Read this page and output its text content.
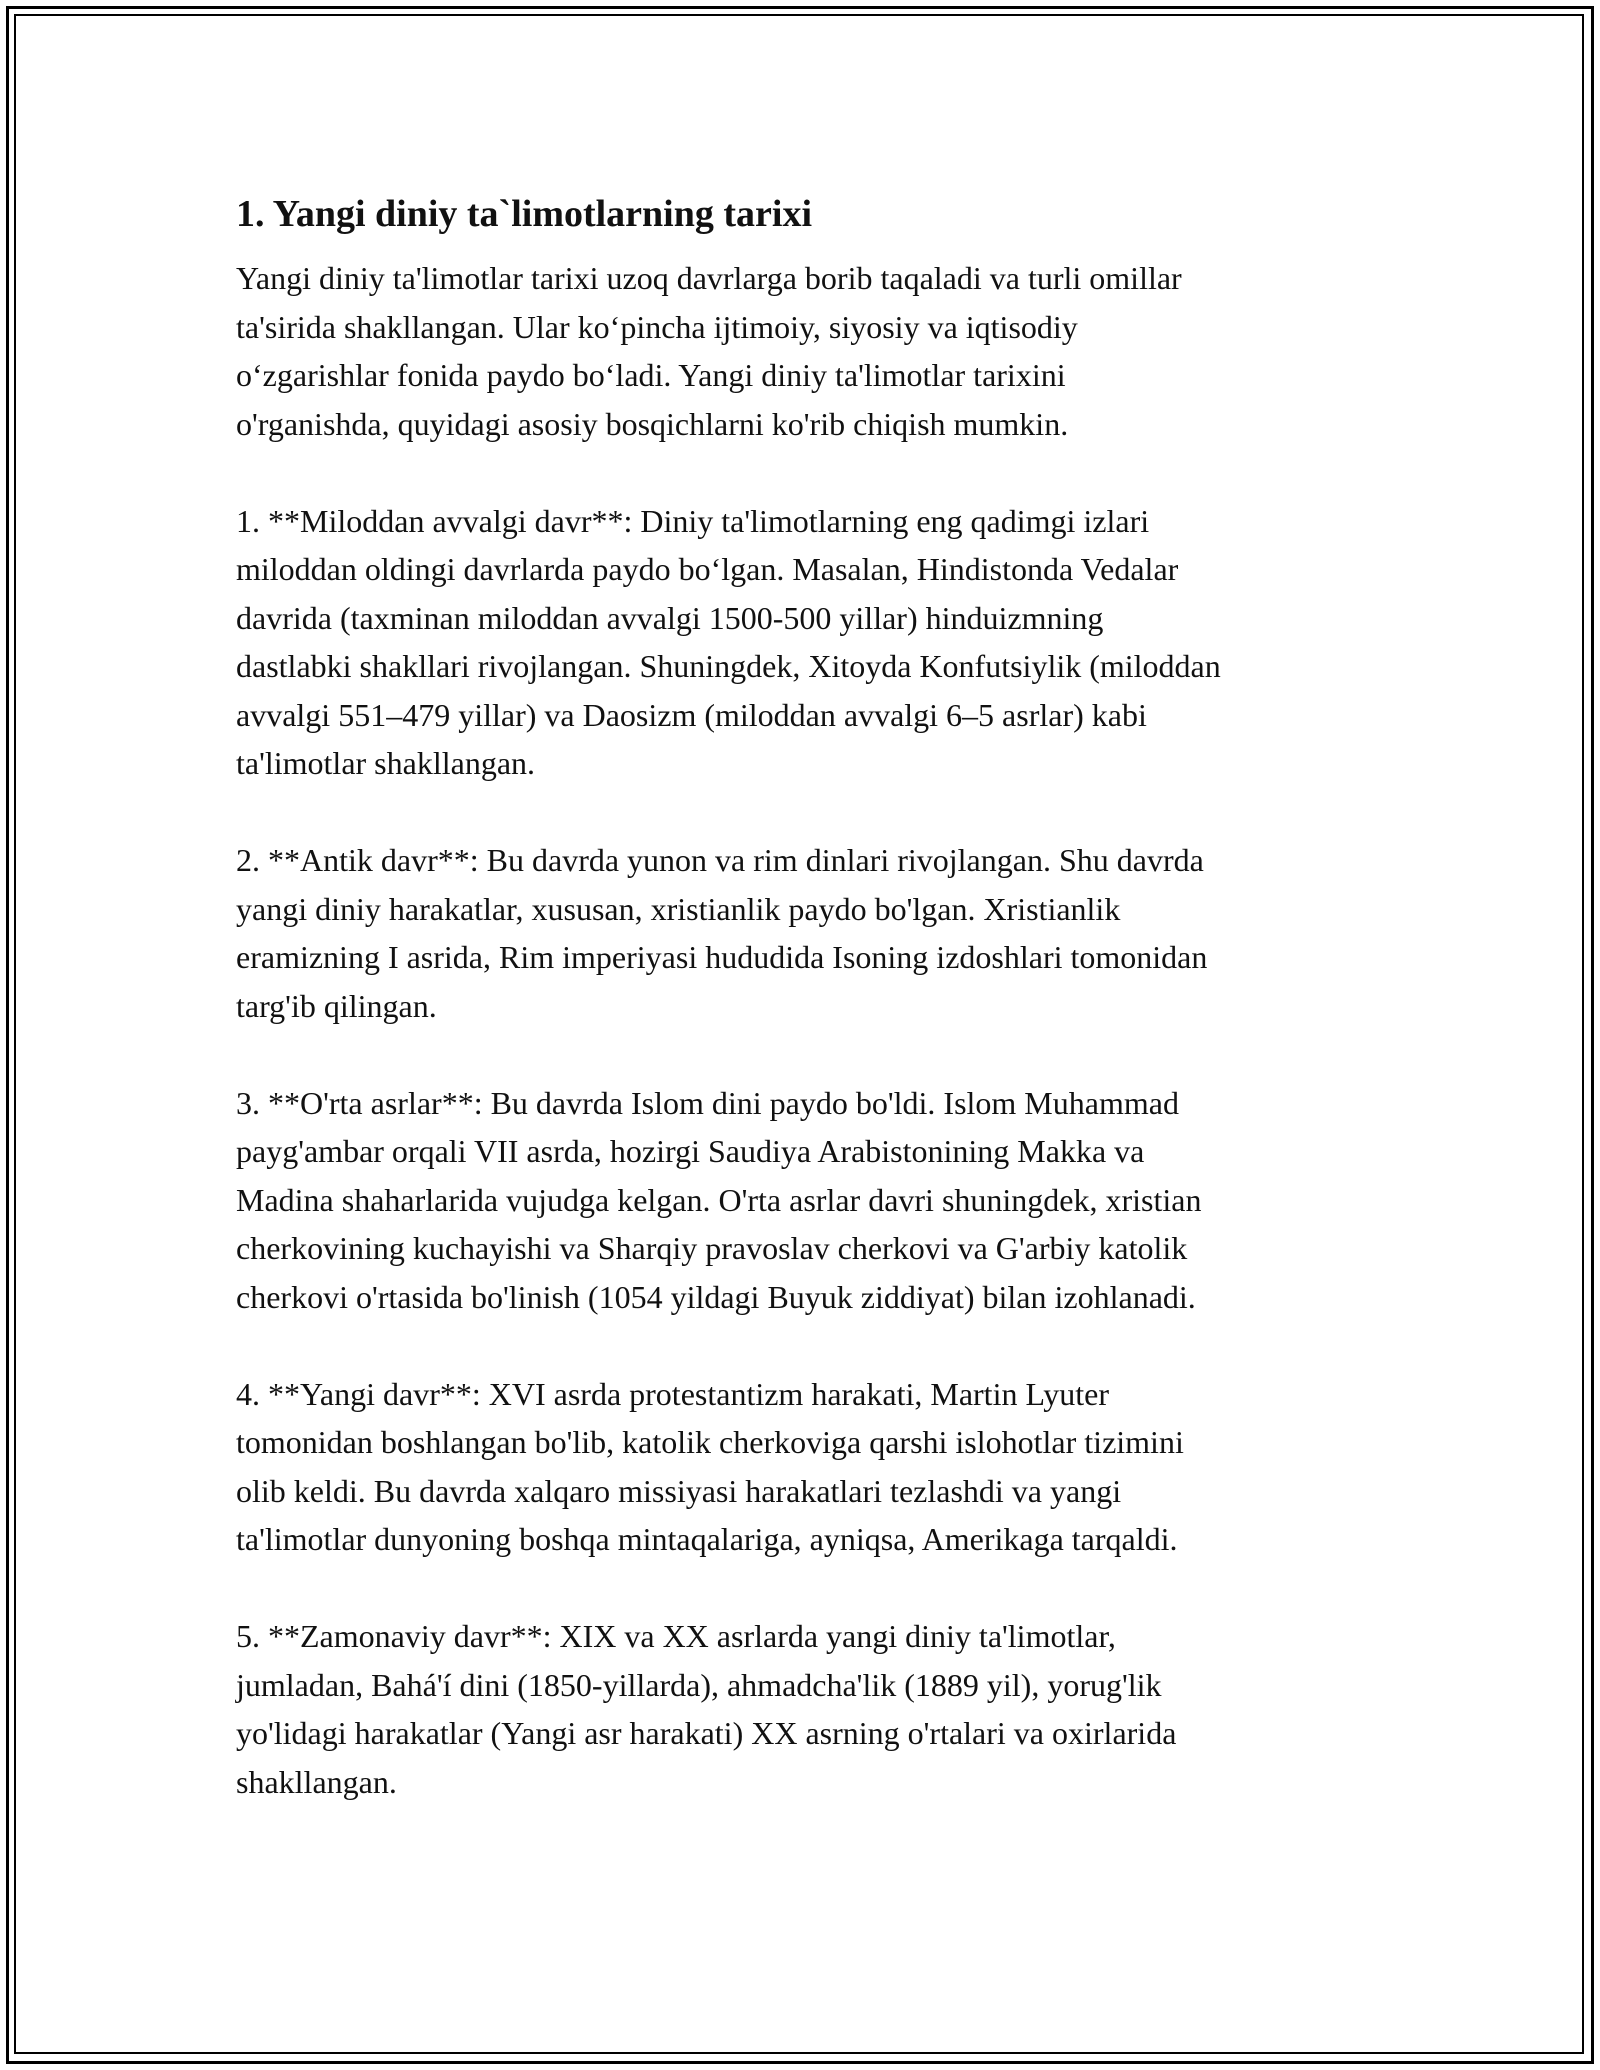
1. Yangi diniy ta`limotlarning tarixi

Yangi diniy ta'limotlar tarixi uzoq davrlarga borib taqaladi va turli omillar
ta'sirida shakllangan. Ular ko‘pincha ijtimoiy, siyosiy va iqtisodiy
o‘zgarishlar fonida paydo bo‘ladi. Yangi diniy ta'limotlar tarixini
o'rganishda, quyidagi asosiy bosqichlarni ko'rib chiqish mumkin.

1. **Miloddan avvalgi davr**: Diniy ta'limotlarning eng qadimgi izlari
miloddan oldingi davrlarda paydo bo‘lgan. Masalan, Hindistonda Vedalar
davrida (taxminan miloddan avvalgi 1500-500 yillar) hinduizmning
dastlabki shakllari rivojlangan. Shuningdek, Xitoyda Konfutsiylik (miloddan
avvalgi 551–479 yillar) va Daosizm (miloddan avvalgi 6–5 asrlar) kabi
ta'limotlar shakllangan.

2. **Antik davr**: Bu davrda yunon va rim dinlari rivojlangan. Shu davrda
yangi diniy harakatlar, xususan, xristianlik paydo bo'lgan. Xristianlik
eramizning I asrida, Rim imperiyasi hududida Isoning izdoshlari tomonidan
targ'ib qilingan.

3. **O'rta asrlar**: Bu davrda Islom dini paydo bo'ldi. Islom Muhammad
payg'ambar orqali VII asrda, hozirgi Saudiya Arabistonining Makka va
Madina shaharlarida vujudga kelgan. O'rta asrlar davri shuningdek, xristian
cherkovining kuchayishi va Sharqiy pravoslav cherkovi va G'arbiy katolik
cherkovi o'rtasida bo'linish (1054 yildagi Buyuk ziddiyat) bilan izohlanadi.

4. **Yangi davr**: XVI asrda protestantizm harakati, Martin Lyuter
tomonidan boshlangan bo'lib, katolik cherkoviga qarshi islohotlar tizimini
olib keldi. Bu davrda xalqaro missiyasi harakatlari tezlashdi va yangi
ta'limotlar dunyoning boshqa mintaqalariga, ayniqsa, Amerikaga tarqaldi.

5. **Zamonaviy davr**: XIX va XX asrlarda yangi diniy ta'limotlar,
jumladan, Bahá'í dini (1850-yillarda), ahmadcha'lik (1889 yil), yorug'lik
yo'lidagi harakatlar (Yangi asr harakati) XX asrning o'rtalari va oxirlarida
shakllangan.
